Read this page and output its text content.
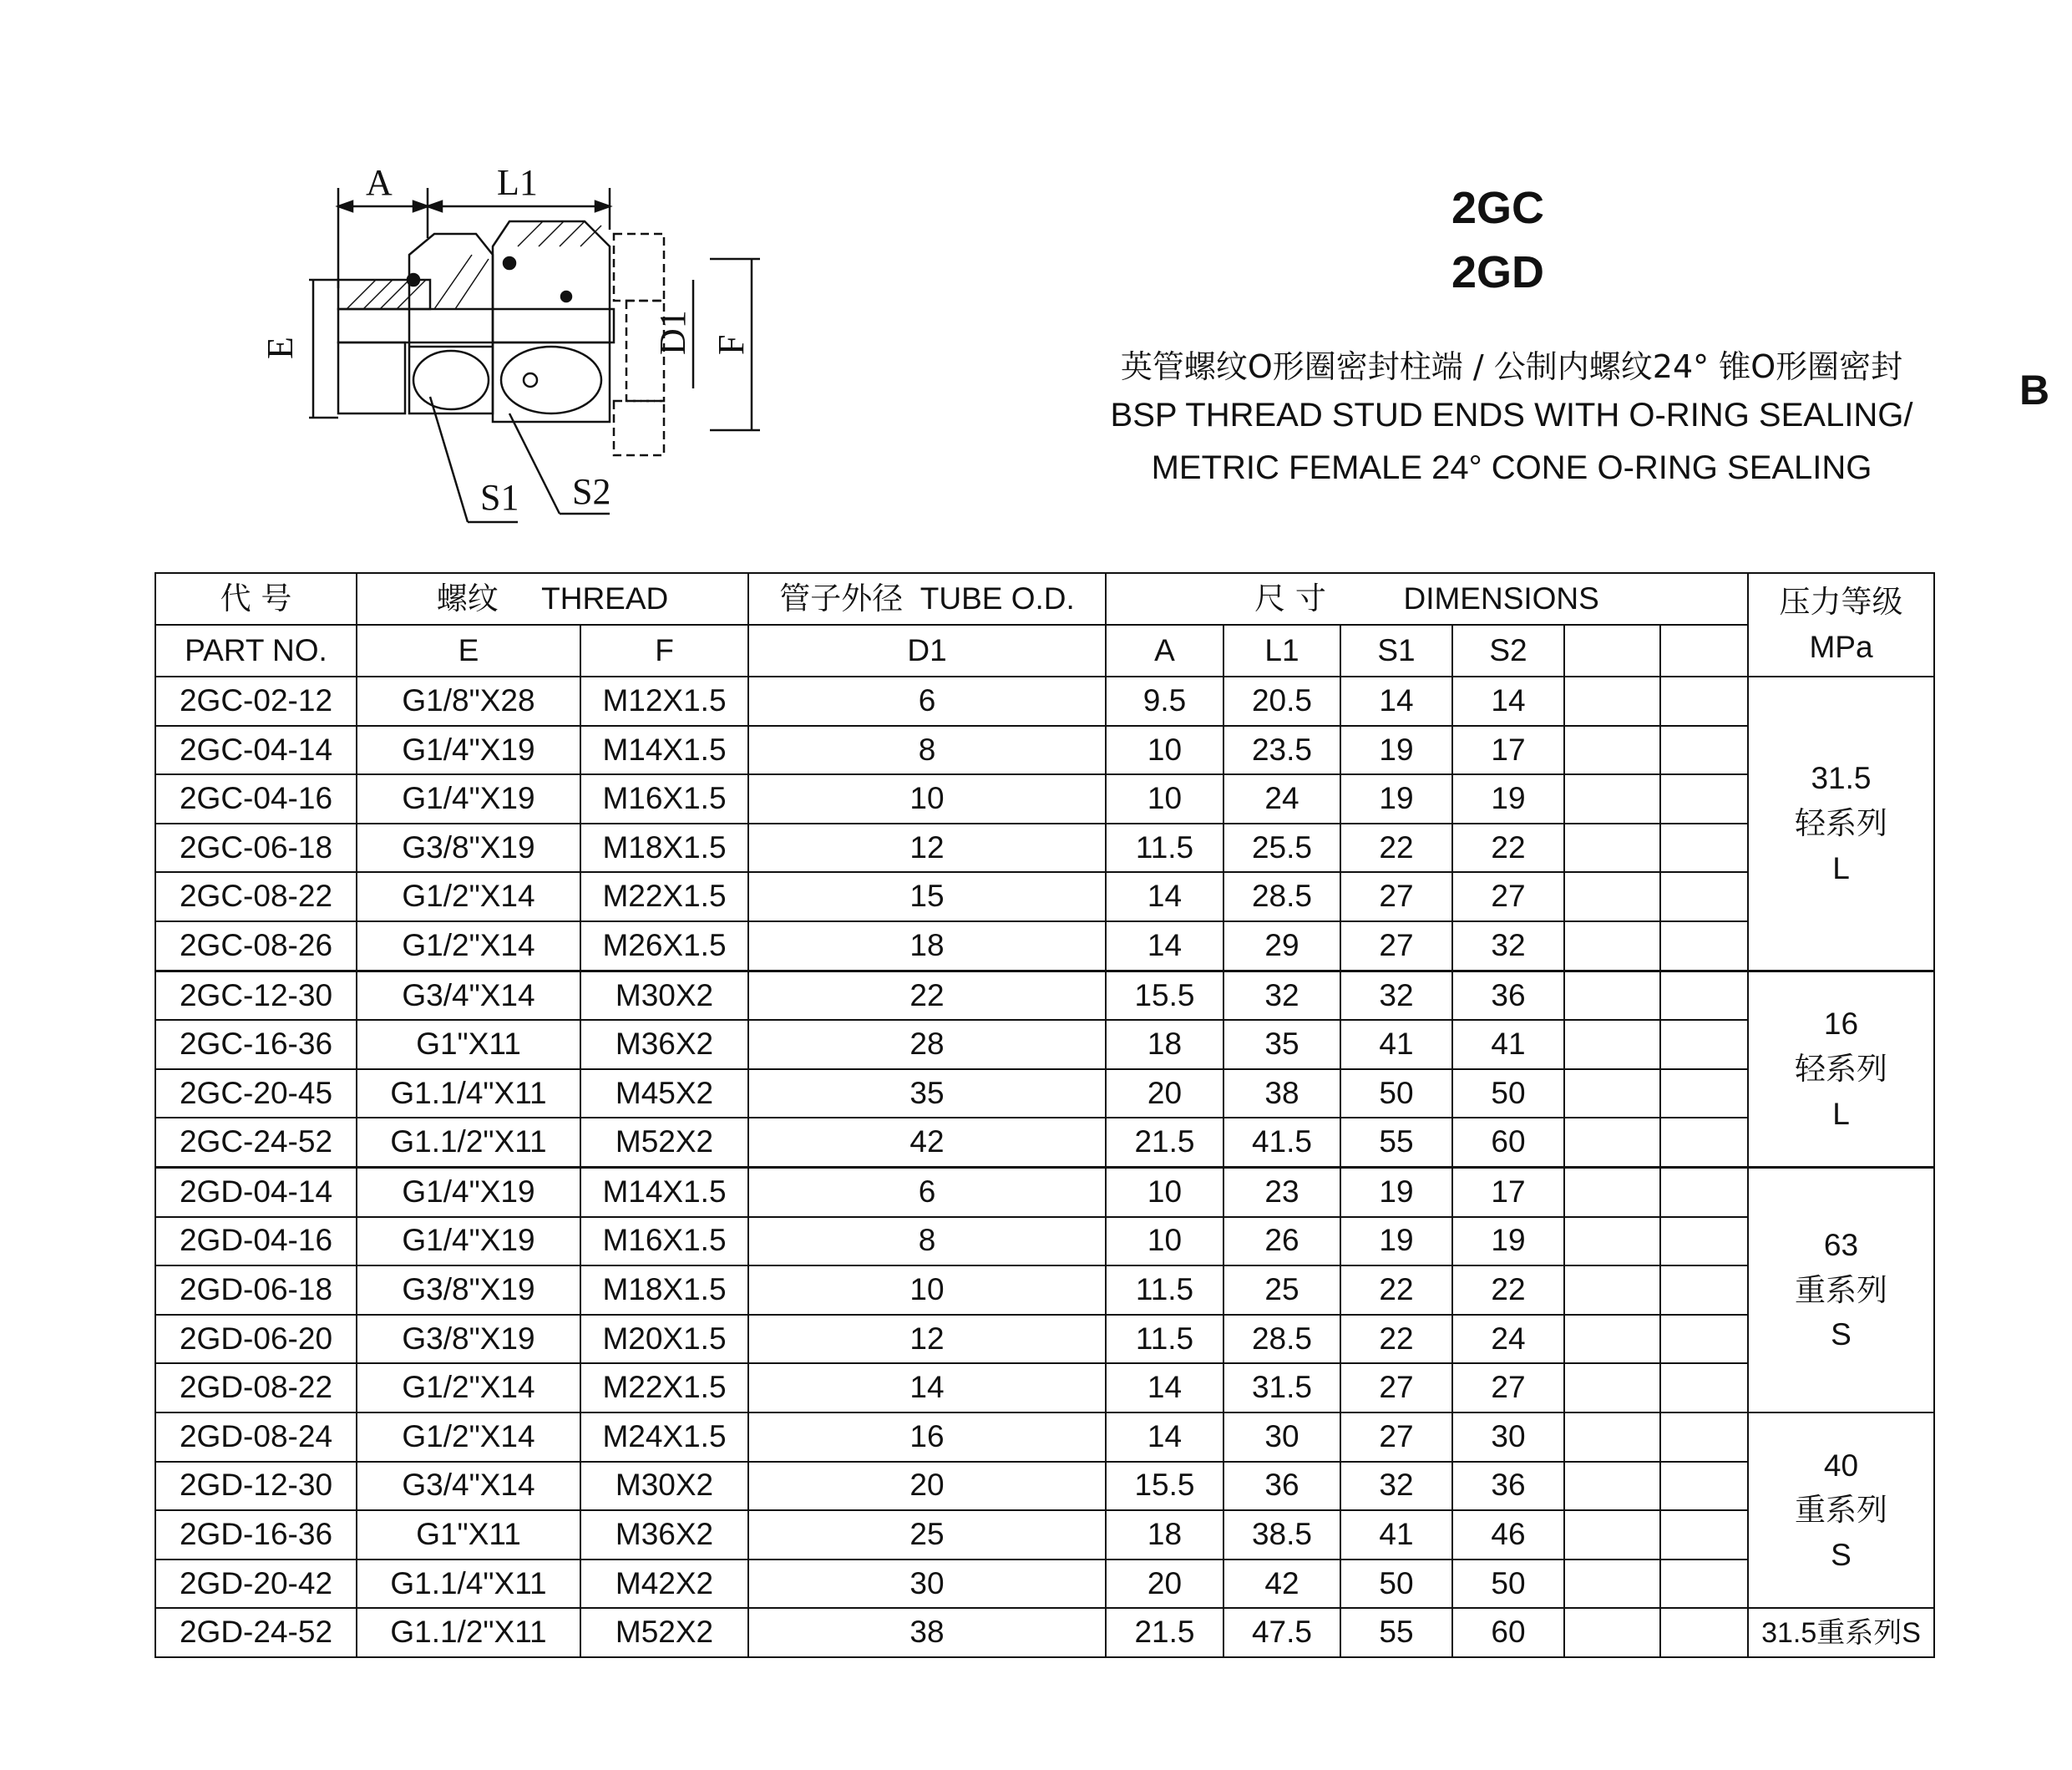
A	L1
E	D1 F
S1 S2
2GC
2GD
英管螺纹O形圈密封柱端 / 公制内螺纹24° 锥O形圈密封
BSP THREAD STUD ENDS WITH O-RING SEALING/
METRIC FEMALE 24° CONE O-RING SEALING
B
代 号	螺纹 THREAD		管子外径 TUBE O.D.	尺 寸 DIMENSIONS						压力等级
MPa

PART NO.	E	F	D1	A	L1	S1	S2			
2GC-02-12	G1/8"X28	M12X1.5	6	9.5	20.5	14	14			31.5
轻系列
L

2GC-04-14	G1/4"X19	M14X1.5	8	10	23.5	19	17			
2GC-04-16	G1/4"X19	M16X1.5	10	10	24	19	19			
2GC-06-18	G3/8"X19	M18X1.5	12	11.5	25.5	22	22			
2GC-08-22	G1/2"X14	M22X1.5	15	14	28.5	27	27			
2GC-08-26	G1/2"X14	M26X1.5	18	14	29	27	32			
2GC-12-30	G3/4"X14	M30X2	22	15.5	32	32	36			16
轻系列
L

2GC-16-36	G1"X11	M36X2	28	18	35	41	41			
2GC-20-45	G1.1/4"X11	M45X2	35	20	38	50	50			
2GC-24-52	G1.1/2"X11	M52X2	42	21.5	41.5	55	60			
2GD-04-14	G1/4"X19	M14X1.5	6	10	23	19	17			63
重系列
S

2GD-04-16	G1/4"X19	M16X1.5	8	10	26	19	19			
2GD-06-18	G3/8"X19	M18X1.5	10	11.5	25	22	22			
2GD-06-20	G3/8"X19	M20X1.5	12	11.5	28.5	22	24			
2GD-08-22	G1/2"X14	M22X1.5	14	14	31.5	27	27			
2GD-08-24	G1/2"X14	M24X1.5	16	14	30	27	30			40
重系列
S

2GD-12-30	G3/4"X14	M30X2	20	15.5	36	32	36			
2GD-16-36	G1"X11	M36X2	25	18	38.5	41	46			
2GD-20-42	G1.1/4"X11	M42X2	30	20	42	50	50			
2GD-24-52	G1.1/2"X11	M52X2	38	21.5	47.5	55	60			31.5重系列S
